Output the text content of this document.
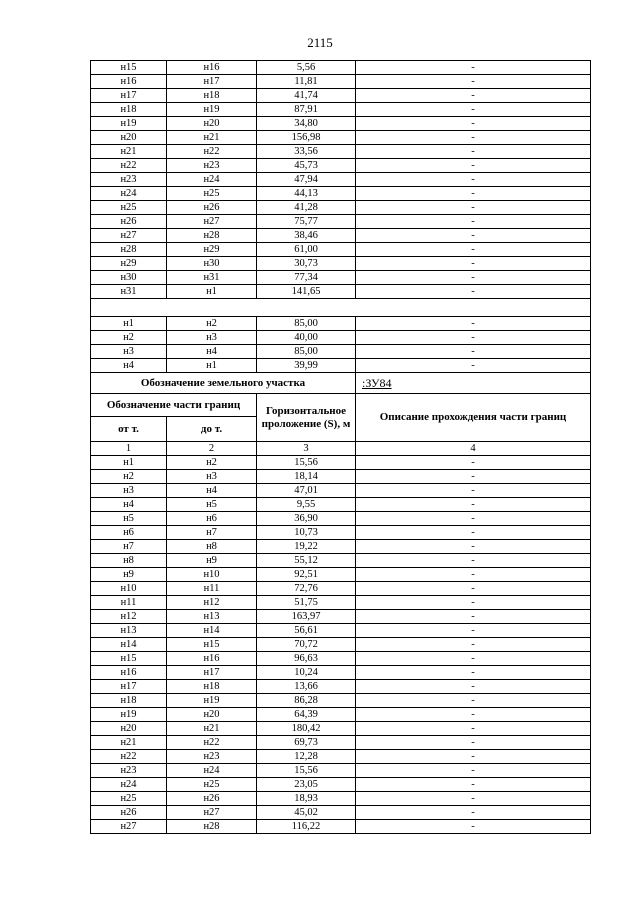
2115
н15	н16	5,56	-
н16	н17	11,81	-
н17	н18	41,74	-
н18	н19	87,91	-
н19	н20	34,80	-
н20	н21	156,98	-
н21	н22	33,56	-
н22	н23	45,73	-
н23	н24	47,94	-
н24	н25	44,13	-
н25	н26	41,28	-
н26	н27	75,77	-
н27	н28	38,46	-
н28	н29	61,00	-
н29	н30	30,73	-
н30	н31	77,34	-
н31	н1	141,65	-

н1	н2	85,00	-
н2	н3	40,00	-
н3	н4	85,00	-
н4	н1	39,99	-
Обозначение земельного участка			:ЗУ84
Обозначение части границ		Горизонтальное проложение (S), м	Описание прохождения части границ
от т.	до т.		
1	2	3	4
н1	н2	15,56	-
н2	н3	18,14	-
н3	н4	47,01	-
н4	н5	9,55	-
н5	н6	36,90	-
н6	н7	10,73	-
н7	н8	19,22	-
н8	н9	55,12	-
н9	н10	92,51	-
н10	н11	72,76	-
н11	н12	51,75	-
н12	н13	163,97	-
н13	н14	56,61	-
н14	н15	70,72	-
н15	н16	96,63	-
н16	н17	10,24	-
н17	н18	13,66	-
н18	н19	86,28	-
н19	н20	64,39	-
н20	н21	180,42	-
н21	н22	69,73	-
н22	н23	12,28	-
н23	н24	15,56	-
н24	н25	23,05	-
н25	н26	18,93	-
н26	н27	45,02	-
н27	н28	116,22	-
